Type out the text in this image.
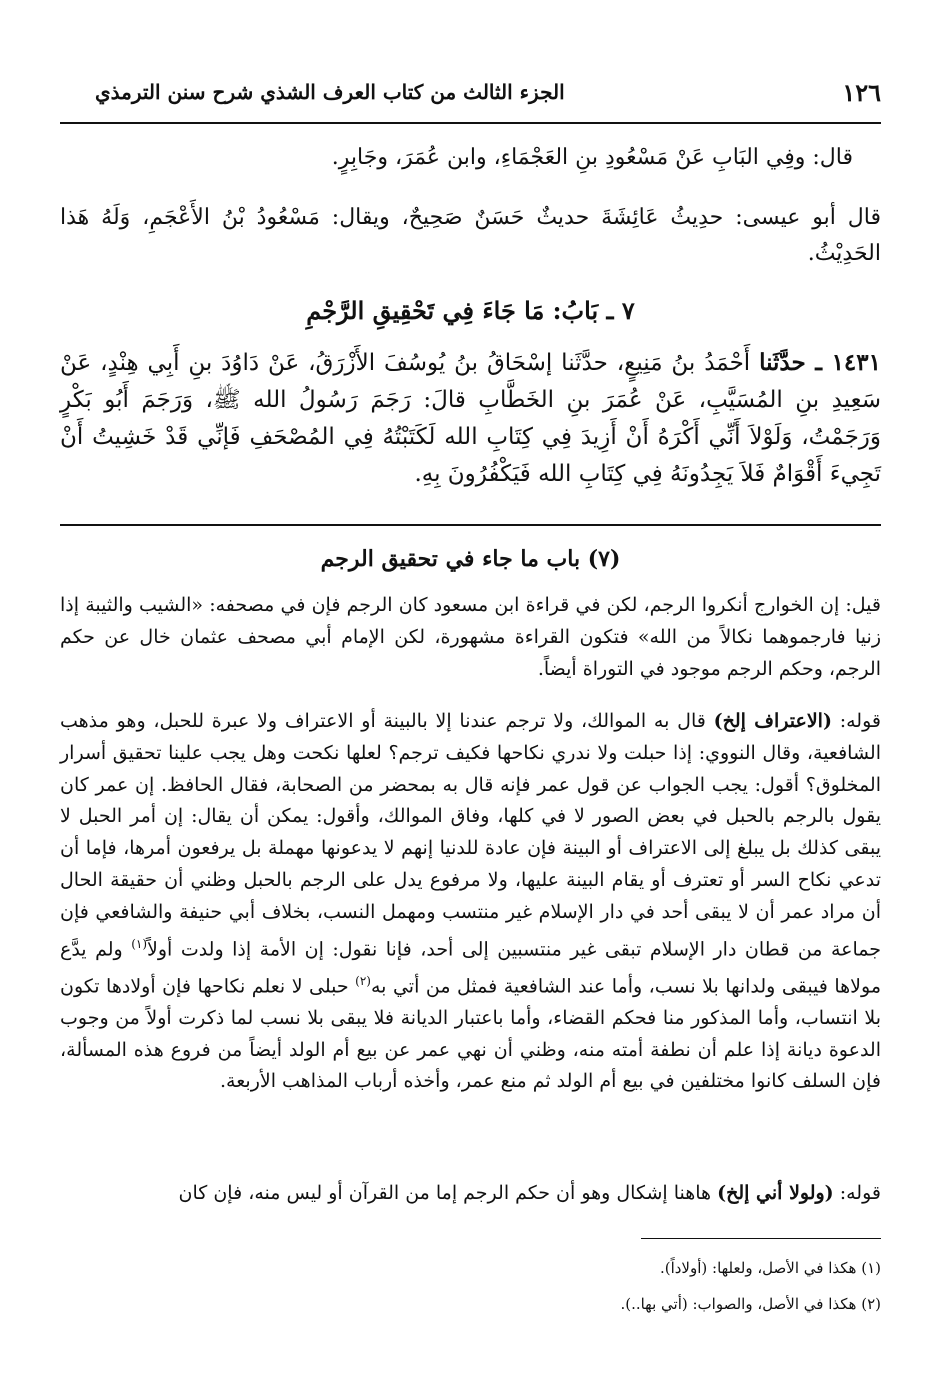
الجزء الثالث من كتاب العرف الشذي شرح سنن الترمذي	١٢٦
قال: وفِي البَابِ عَنْ مَسْعُودِ بنِ العَجْمَاءِ، وابن عُمَرَ، وجَابِرٍ.
قال أبو عيسى: حدِيثُ عَائِشَةَ حديثٌ حَسَنٌ صَحِيحٌ، ويقال: مَسْعُودُ بْنُ الأَعْجَمِ، وَلَهُ هَذا الحَدِيْثُ.
٧ ـ بَابُ: مَا جَاءَ فِي تَحْقِيقِ الرَّجْمِ
١٤٣١ ـ حدَّثَنا أَحْمَدُ بنُ مَنِيعٍ، حدَّثَنا إسْحَاقُ بنُ يُوسُفَ الأَزْرَقُ، عَنْ دَاوُدَ بنِ أَبِي هِنْدٍ، عَنْ سَعِيدِ بنِ المُسَيَّبِ، عَنْ عُمَرَ بنِ الخَطَّابِ قالَ: رَجَمَ رَسُولُ الله ﷺ، وَرَجَمَ أَبُو بَكْرٍ وَرَجَمْتُ، وَلَوْلاَ أَنِّي أَكْرَهُ أَنْ أَزِيدَ فِي كِتَابِ الله لَكَتَبْتُهُ فِي المُصْحَفِ فَإنِّي قَدْ خَشِيتُ أَنْ تَجِيءَ أَقْوَامٌ فَلاَ يَجِدُونَهُ فِي كِتَابِ الله فَيَكْفُرُونَ بِهِ.
(٧) باب ما جاء في تحقيق الرجم
قيل: إن الخوارج أنكروا الرجم، لكن في قراءة ابن مسعود كان الرجم فإن في مصحفه: «الشيب والثيبة إذا زنيا فارجموهما نكالاً من الله» فتكون القراءة مشهورة، لكن الإمام أبي مصحف عثمان خال عن حكم الرجم، وحكم الرجم موجود في التوراة أيضاً.
قوله: (الاعتراف إلخ) قال به الموالك، ولا ترجم عندنا إلا بالبينة أو الاعتراف ولا عبرة للحبل، وهو مذهب الشافعية، وقال النووي: إذا حبلت ولا ندري نكاحها فكيف ترجم؟ لعلها نكحت وهل يجب علينا تحقيق أسرار المخلوق؟ أقول: يجب الجواب عن قول عمر فإنه قال به بمحضر من الصحابة، فقال الحافظ. إن عمر كان يقول بالرجم بالحبل في بعض الصور لا في كلها، وفاق الموالك، وأقول: يمكن أن يقال: إن أمر الحبل لا يبقى كذلك بل يبلغ إلى الاعتراف أو البينة فإن عادة للدنيا إنهم لا يدعونها مهملة بل يرفعون أمرها، فإما أن تدعي نكاح السر أو تعترف أو يقام البينة عليها، ولا مرفوع يدل على الرجم بالحبل وظني أن حقيقة الحال أن مراد عمر أن لا يبقى أحد في دار الإسلام غير منتسب ومهمل النسب، بخلاف أبي حنيفة والشافعي فإن جماعة من قطان دار الإسلام تبقى غير منتسبين إلى أحد، فإنا نقول: إن الأمة إذا ولدت أولاً$^{(١)}$ ولم يدَّع مولاها فيبقى ولدانها بلا نسب، وأما عند الشافعية فمثل من أتي به$^{(٢)}$ حبلى لا نعلم نكاحها فإن أولادها تكون بلا انتساب، وأما المذكور منا فحكم القضاء، وأما باعتبار الديانة فلا يبقى بلا نسب لما ذكرت أولاً من وجوب الدعوة ديانة إذا علم أن نطفة أمته منه، وظني أن نهي عمر عن بيع أم الولد أيضاً من فروع هذه المسألة، فإن السلف كانوا مختلفين في بيع أم الولد ثم منع عمر، وأخذه أرباب المذاهب الأربعة.
قوله: (ولولا أني إلخ) هاهنا إشكال وهو أن حكم الرجم إما من القرآن أو ليس منه، فإن كان
(١) هكذا في الأصل، ولعلها: (أولاداً).
(٢) هكذا في الأصل، والصواب: (أتي بها..).
